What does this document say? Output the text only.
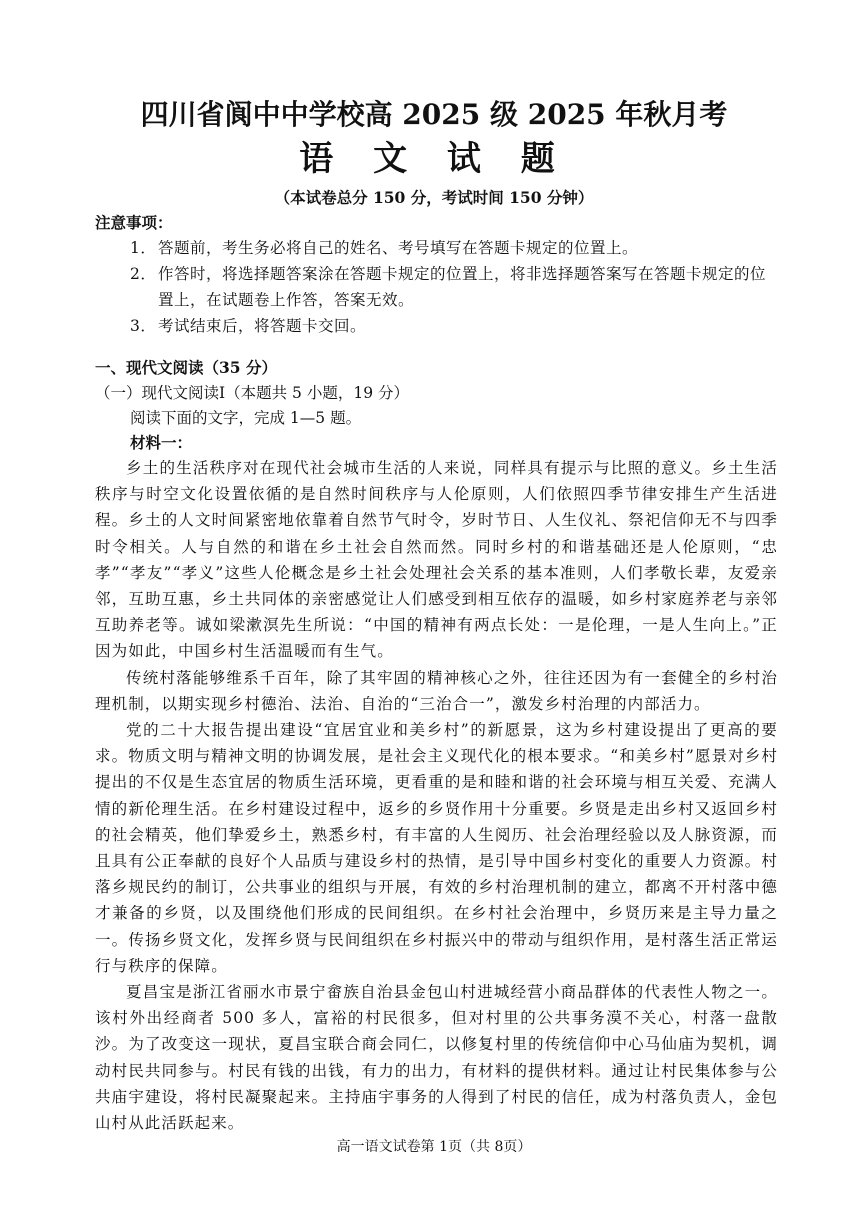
四川省阆中中学校高 2025 级 2025 年秋月考
语 文 试 题
（本试卷总分 150 分，考试时间 150 分钟）
注意事项：
1． 答题前，考生务必将自己的姓名、考号填写在答题卡规定的位置上。
2． 作答时，将选择题答案涂在答题卡规定的位置上，将非选择题答案写在答题卡规定的位置上，在试题卷上作答，答案无效。
3． 考试结束后，将答题卡交回。
一、现代文阅读（35 分）
（一）现代文阅读I（本题共 5 小题，19 分）
阅读下面的文字，完成 1—5 题。
材料一：

乡土的生活秩序对在现代社会城市生活的人来说，同样具有提示与比照的意义。乡土生活秩序与时空文化设置依循的是自然时间秩序与人伦原则，人们依照四季节律安排生产生活进程。乡土的人文时间紧密地依靠着自然节气时令，岁时节日、人生仪礼、祭祀信仰无不与四季时令相关。人与自然的和谐在乡土社会自然而然。同时乡村的和谐基础还是人伦原则，“忠孝”“孝友”“孝义”这些人伦概念是乡土社会处理社会关系的基本准则，人们孝敬长辈，友爱亲邻，互助互惠，乡土共同体的亲密感觉让人们感受到相互依存的温暖，如乡村家庭养老与亲邻互助养老等。诚如梁漱溟先生所说：“中国的精神有两点长处：一是伦理，一是人生向上。”正因为如此，中国乡村生活温暖而有生气。

传统村落能够维系千百年，除了其牢固的精神核心之外，往往还因为有一套健全的乡村治理机制，以期实现乡村德治、法治、自治的“三治合一”，激发乡村治理的内部活力。

党的二十大报告提出建设“宜居宜业和美乡村”的新愿景，这为乡村建设提出了更高的要求。物质文明与精神文明的协调发展，是社会主义现代化的根本要求。“和美乡村”愿景对乡村提出的不仅是生态宜居的物质生活环境，更看重的是和睦和谐的社会环境与相互关爱、充满人情的新伦理生活。在乡村建设过程中，返乡的乡贤作用十分重要。乡贤是走出乡村又返回乡村的社会精英，他们挚爱乡土，熟悉乡村，有丰富的人生阅历、社会治理经验以及人脉资源，而且具有公正奉献的良好个人品质与建设乡村的热情，是引导中国乡村变化的重要人力资源。村落乡规民约的制订，公共事业的组织与开展，有效的乡村治理机制的建立，都离不开村落中德才兼备的乡贤，以及围绕他们形成的民间组织。在乡村社会治理中，乡贤历来是主导力量之一。传扬乡贤文化，发挥乡贤与民间组织在乡村振兴中的带动与组织作用，是村落生活正常运行与秩序的保障。

夏昌宝是浙江省丽水市景宁畲族自治县金包山村进城经营小商品群体的代表性人物之一。该村外出经商者 500 多人，富裕的村民很多，但对村里的公共事务漠不关心，村落一盘散沙。为了改变这一现状，夏昌宝联合商会同仁，以修复村里的传统信仰中心马仙庙为契机，调动村民共同参与。村民有钱的出钱，有力的出力，有材料的提供材料。通过让村民集体参与公共庙宇建设，将村民凝聚起来。主持庙宇事务的人得到了村民的信任，成为村落负责人，金包山村从此活跃起来。

高一语文试卷第 1页（共 8页）
